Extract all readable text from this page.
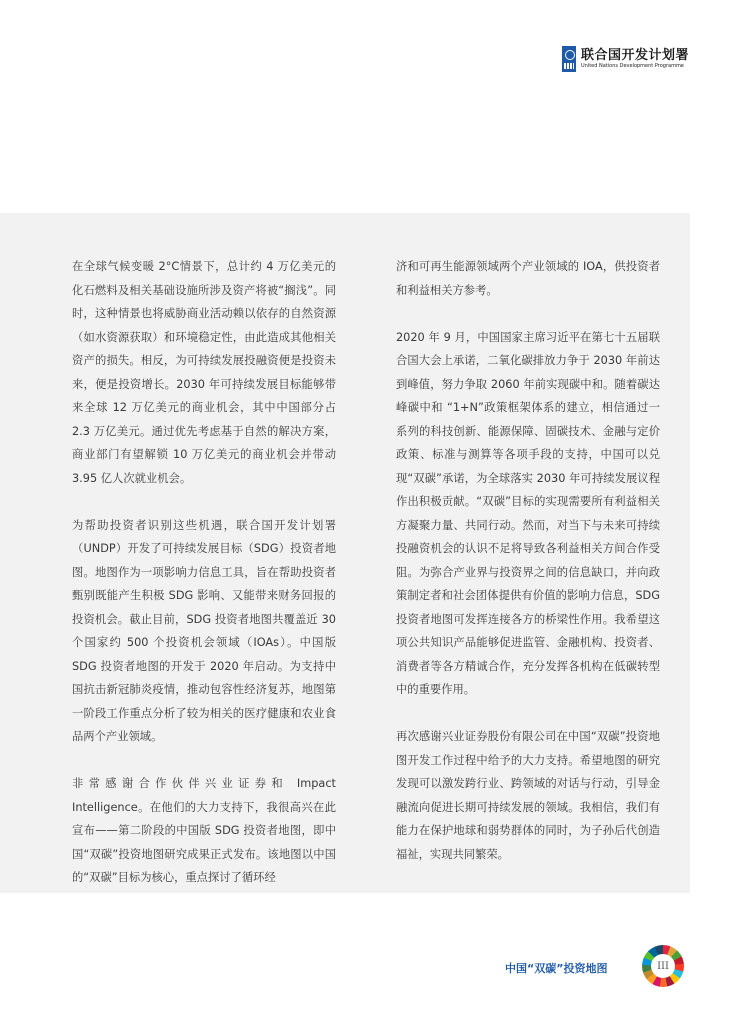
联合国开发计划署
United Nations Development Programme

在全球气候变暖 2°C情景下，总计约 4 万亿美元的化石燃料及相关基础设施所涉及资产将被“搁浅”。同时，这种情景也将威胁商业活动赖以依存的自然资源（如水资源获取）和环境稳定性，由此造成其他相关资产的损失。相反，为可持续发展投融资便是投资未来，便是投资增长。2030 年可持续发展目标能够带来全球 12 万亿美元的商业机会，其中中国部分占 2.3 万亿美元。通过优先考虑基于自然的解决方案，商业部门有望解锁 10 万亿美元的商业机会并带动 3.95 亿人次就业机会。

为帮助投资者识别这些机遇，联合国开发计划署（UNDP）开发了可持续发展目标（SDG）投资者地图。地图作为一项影响力信息工具，旨在帮助投资者甄别既能产生积极 SDG 影响、又能带来财务回报的投资机会。截止目前，SDG 投资者地图共覆盖近 30 个国家约 500 个投资机会领域（IOAs）。中国版 SDG 投资者地图的开发于 2020 年启动。为支持中国抗击新冠肺炎疫情，推动包容性经济复苏，地图第一阶段工作重点分析了较为相关的医疗健康和农业食品两个产业领域。

非常感谢合作伙伴兴业证券和 Impact Intelligence。在他们的大力支持下，我很高兴在此宣布——第二阶段的中国版 SDG 投资者地图，即中国“双碳”投资地图研究成果正式发布。该地图以中国的“双碳”目标为核心，重点探讨了循环经

济和可再生能源领域两个产业领域的 IOA，供投资者和利益相关方参考。

2020 年 9 月，中国国家主席习近平在第七十五届联合国大会上承诺，二氧化碳排放力争于 2030 年前达到峰值，努力争取 2060 年前实现碳中和。随着碳达峰碳中和 “1+N”政策框架体系的建立，相信通过一系列的科技创新、能源保障、固碳技术、金融与定价政策、标准与测算等各项手段的支持，中国可以兑现“双碳”承诺，为全球落实 2030 年可持续发展议程作出积极贡献。“双碳”目标的实现需要所有利益相关方凝聚力量、共同行动。然而，对当下与未来可持续投融资机会的认识不足将导致各利益相关方间合作受阻。为弥合产业界与投资界之间的信息缺口，并向政策制定者和社会团体提供有价值的影响力信息，SDG 投资者地图可发挥连接各方的桥梁性作用。我希望这项公共知识产品能够促进监管、金融机构、投资者、消费者等各方精诚合作，充分发挥各机构在低碳转型中的重要作用。

再次感谢兴业证券股份有限公司在中国“双碳”投资地图开发工作过程中给予的大力支持。希望地图的研究发现可以激发跨行业、跨领域的对话与行动，引导金融流向促进长期可持续发展的领域。我相信，我们有能力在保护地球和弱势群体的同时，为子孙后代创造福祉，实现共同繁荣。

中国“双碳”投资地图	III
